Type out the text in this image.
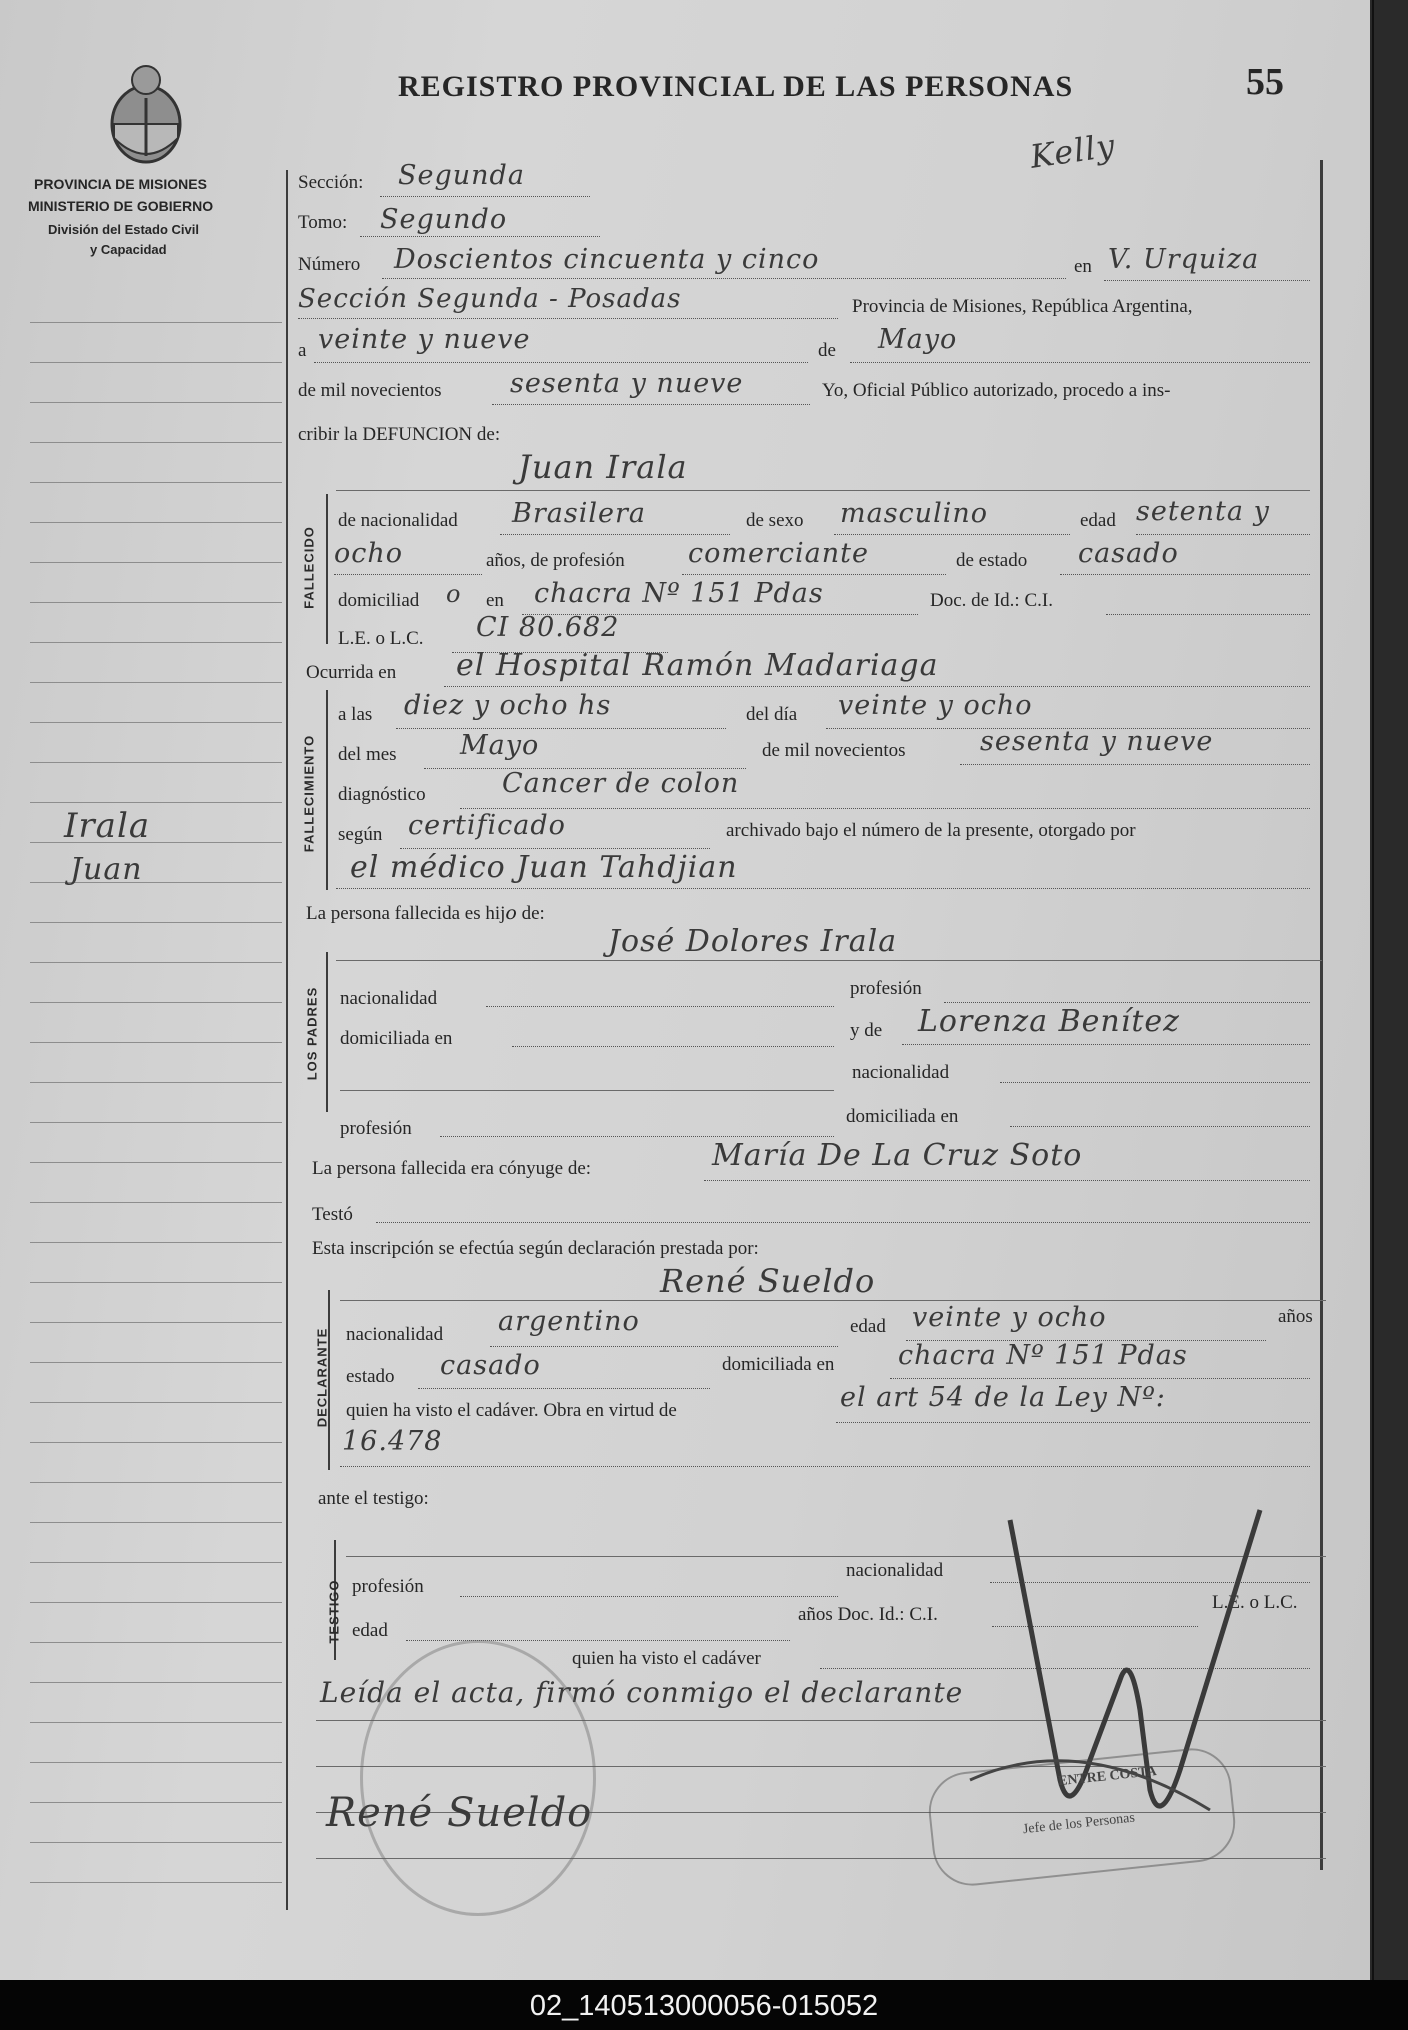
PROVINCIA DE MISIONES
MINISTERIO DE GOBIERNO
División del Estado Civil
y Capacidad
REGISTRO PROVINCIAL DE LAS PERSONAS	55
Kelly
Irala
Juan
Sección: Segunda
Tomo: Segundo
Número Doscientos cincuenta y cinco	en V. Urquiza
Sección Segunda - Posadas	Provincia de Misiones, República Argentina,
a veinte y nueve	de Mayo
de mil novecientos	sesenta y nueve	Yo, Oficial Público autorizado, procedo a ins-
cribir la DEFUNCION de:
Juan Irala
FALLECIDO
de nacionalidad Brasilera	de sexo masculino	edad setenta y
ocho	años, de profesión comerciante	de estado casado
domiciliad o en chacra Nº 151 Pdas	Doc. de Id.: C.I.
L.E. o L.C. CI 80.682
Ocurrida en el Hospital Ramón Madariaga
FALLECIMIENTO
a las diez y ocho hs	del día veinte y ocho
del mes Mayo	de mil novecientos	sesenta y nueve
diagnóstico	Cancer de colon
según certificado	archivado bajo el número de la presente, otorgado por
el médico Juan Tahdjian
La persona fallecida es hijo de:
José Dolores Irala
LOS PADRES nacionalidad	profesión
domiciliada en	y de Lorenza Benítez
nacionalidad
profesión
domiciliada en
La persona fallecida era cónyuge de:	María De La Cruz Soto
Testó
Esta inscripción se efectúa según declaración prestada por:
René Sueldo
DECLARANTE nacionalidad argentino	edad veinte y ocho	años
estado casado	domiciliada en chacra Nº 151 Pdas
quien ha visto el cadáver. Obra en virtud de	el art 54 de la Ley Nº:
16.478
ante el testigo:
TESTIGO profesión
nacionalidad
edad
años Doc. Id.: C.I.
L.E. o L.C.
quien ha visto el cadáver
Leída el acta, firmó conmigo el declarante
René Sueldo
ENTRE COSTA
Jefe de los Personas
02_140513000056-015052
